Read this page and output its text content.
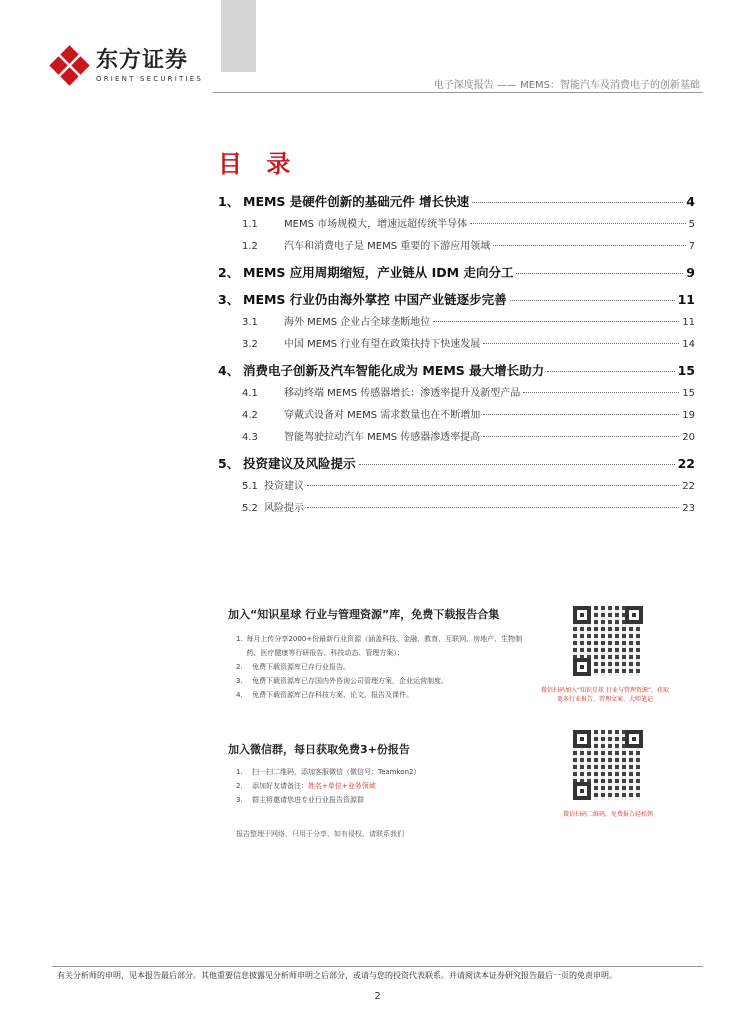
东方证券
ORIENT SECURITIES
电子深度报告 —— MEMS：智能汽车及消费电子的创新基础
目 录
1、 MEMS 是硬件创新的基础元件 增长快速	4
1.1	MEMS 市场规模大，增速远超传统半导体	5
1.2	汽车和消费电子是 MEMS 重要的下游应用领域	7
2、 MEMS 应用周期缩短，产业链从 IDM 走向分工	9
3、 MEMS 行业仍由海外掌控 中国产业链逐步完善	11
3.1	海外 MEMS 企业占全球垄断地位	11
3.2	中国 MEMS 行业有望在政策扶持下快速发展	14
4、 消费电子创新及汽车智能化成为 MEMS 最大增长助力	15
4.1	移动终端 MEMS 传感器增长：渗透率提升及新型产品	15
4.2	穿戴式设备对 MEMS 需求数量也在不断增加	19
4.3	智能驾驶拉动汽车 MEMS 传感器渗透率提高	20
5、 投资建议及风险提示	22
5.1 投资建议	22
5.2 风险提示	23
加入“知识星球 行业与管理资源”库，免费下载报告合集
1. 每月上传分享2000+份最新行业资源（涵盖科技、金融、教育、互联网、房地产、生物制药、医疗健康等行研报告、科技动态、管理方案）；
2.	免费下载资源库已存行业报告。
3.	免费下载资源库已存国内外咨询公司管理方案，企业运营制度。
4.	免费下载资源库已存科技方案、论文、报告及课件。
微信扫码加入“知识星球 行业与管理资源”，获取更多行业报告、管理文案、大师笔记
加入微信群，每日获取免费3+份报告
1.	扫一扫二维码，添加客服微信（微信号：Teamkon2）
2.	添加好友请备注： 姓名+单位+业务领域
3.	群主将邀请您进专业行业报告资源群
微信扫码二维码，免费报告轻松领
报告整理于网络，只用于分享，如有侵权，请联系我们
有关分析师的申明，见本报告最后部分。其他重要信息披露见分析师申明之后部分，或请与您的投资代表联系。并请阅读本证券研究报告最后一页的免责申明。
2
